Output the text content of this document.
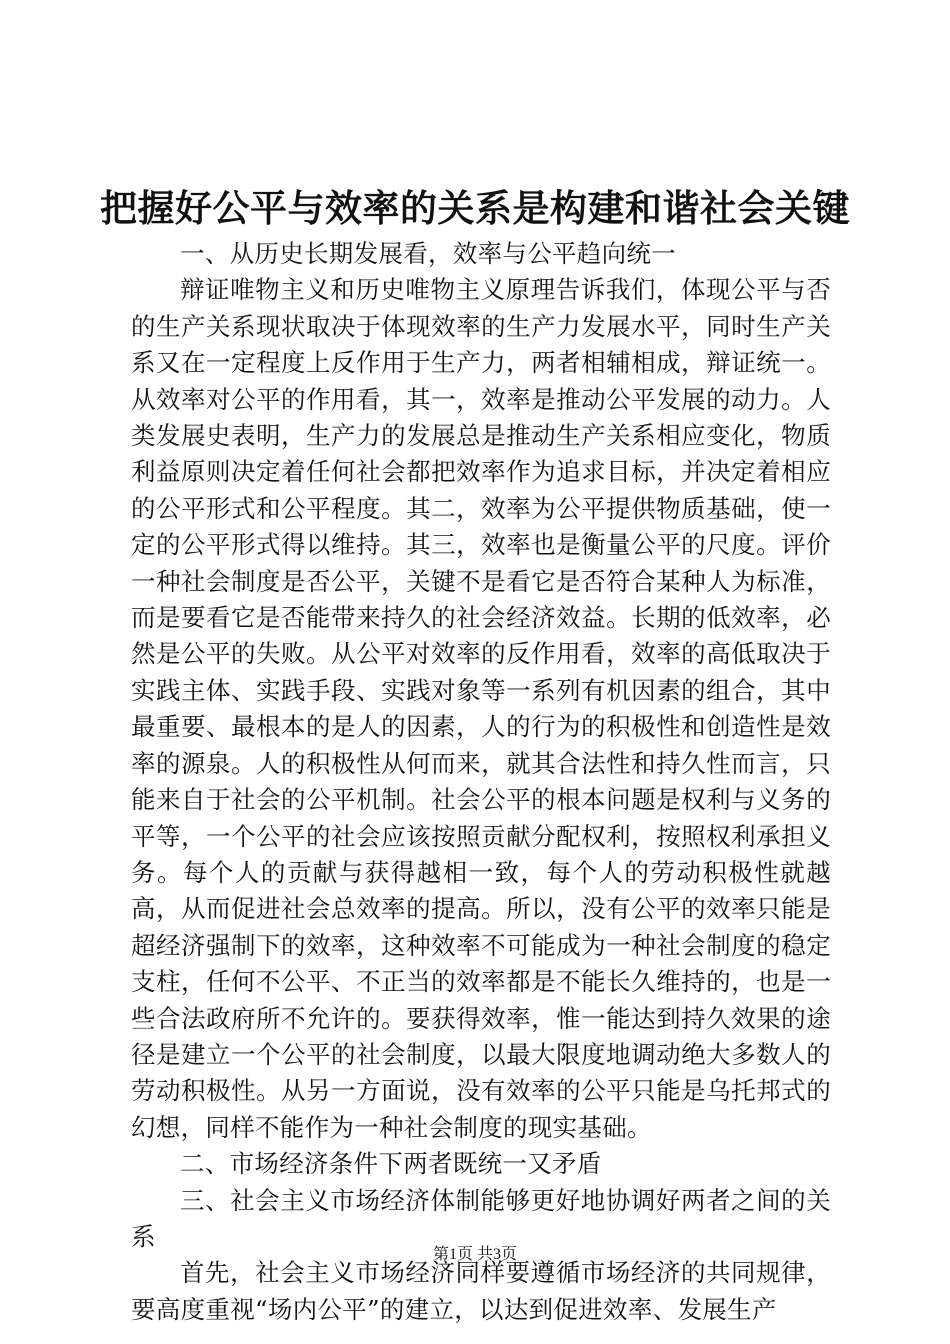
把握好公平与效率的关系是构建和谐社会关键

一、从历史长期发展看，效率与公平趋向统一

辩证唯物主义和历史唯物主义原理告诉我们，体现公平与否的生产关系现状取决于体现效率的生产力发展水平，同时生产关系又在一定程度上反作用于生产力，两者相辅相成，辩证统一。从效率对公平的作用看，其一，效率是推动公平发展的动力。人类发展史表明，生产力的发展总是推动生产关系相应变化，物质利益原则决定着任何社会都把效率作为追求目标，并决定着相应的公平形式和公平程度。其二，效率为公平提供物质基础，使一定的公平形式得以维持。其三，效率也是衡量公平的尺度。评价一种社会制度是否公平，关键不是看它是否符合某种人为标准，而是要看它是否能带来持久的社会经济效益。长期的低效率，必然是公平的失败。从公平对效率的反作用看，效率的高低取决于实践主体、实践手段、实践对象等一系列有机因素的组合，其中最重要、最根本的是人的因素，人的行为的积极性和创造性是效率的源泉。人的积极性从何而来，就其合法性和持久性而言，只能来自于社会的公平机制。社会公平的根本问题是权利与义务的平等，一个公平的社会应该按照贡献分配权利，按照权利承担义务。每个人的贡献与获得越相一致，每个人的劳动积极性就越高，从而促进社会总效率的提高。所以，没有公平的效率只能是超经济强制下的效率，这种效率不可能成为一种社会制度的稳定支柱，任何不公平、不正当的效率都是不能长久维持的，也是一些合法政府所不允许的。要获得效率，惟一能达到持久效果的途径是建立一个公平的社会制度，以最大限度地调动绝大多数人的劳动积极性。从另一方面说，没有效率的公平只能是乌托邦式的幻想，同样不能作为一种社会制度的现实基础。

二、市场经济条件下两者既统一又矛盾

三、社会主义市场经济体制能够更好地协调好两者之间的关系

首先，社会主义市场经济同样要遵循市场经济的共同规律，要高度重视“场内公平”的建立，以达到促进效率、发展生产

第1页 共3页
